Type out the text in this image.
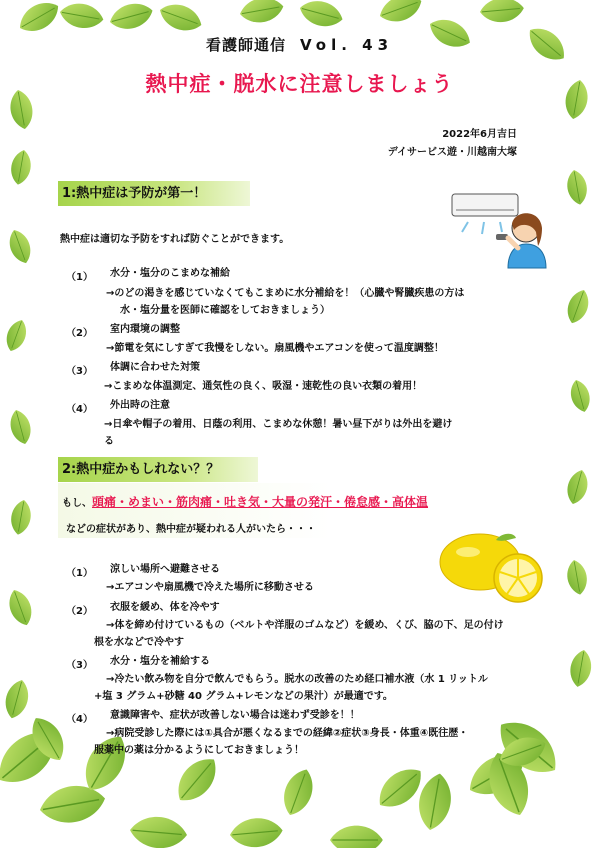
看護師通信 Vol. 43
熱中症・脱水に注意しましょう
2022年6月吉日
デイサービス遊・川越南大塚
1:熱中症は予防が第一！
熱中症は適切な予防をすれば防ぐことができます。
（1） 水分・塩分のこまめな補給
→のどの渇きを感じていなくてもこまめに水分補給を！（心臓や腎臓疾患の方は
水・塩分量を医師に確認をしておきましょう）
（2） 室内環境の調整
→節電を気にしすぎて我慢をしない。扇風機やエアコンを使って温度調整！
（3） 体調に合わせた対策
→こまめな体温測定、通気性の良く、吸湿・速乾性の良い衣類の着用！
（4） 外出時の注意
→日傘や帽子の着用、日蔭の利用、こまめな休憩！暑い昼下がりは外出を避け
る
2:熱中症かもしれない？？
もし、 頭痛・めまい・筋肉痛・吐き気・大量の発汗・倦怠感・高体温
などの症状があり、熱中症が疑われる人がいたら・・・
（1） 涼しい場所へ避難させる
→エアコンや扇風機で冷えた場所に移動させる
（2） 衣服を緩め、体を冷やす
→体を締め付けているもの（ベルトや洋服のゴムなど）を緩め、くび、脇の下、足の付け
根を水などで冷やす
（3） 水分・塩分を補給する
→冷たい飲み物を自分で飲んでもらう。脱水の改善のため経口補水液（水 1 リットル
+塩 3 グラム+砂糖 40 グラム+レモンなどの果汁）が最適です。
（4） 意識障害や、症状が改善しない場合は迷わず受診を！！
→病院受診した際には①具合が悪くなるまでの経緯②症状③身長・体重④既往歴・
服薬中の薬は分かるようにしておきましょう！
